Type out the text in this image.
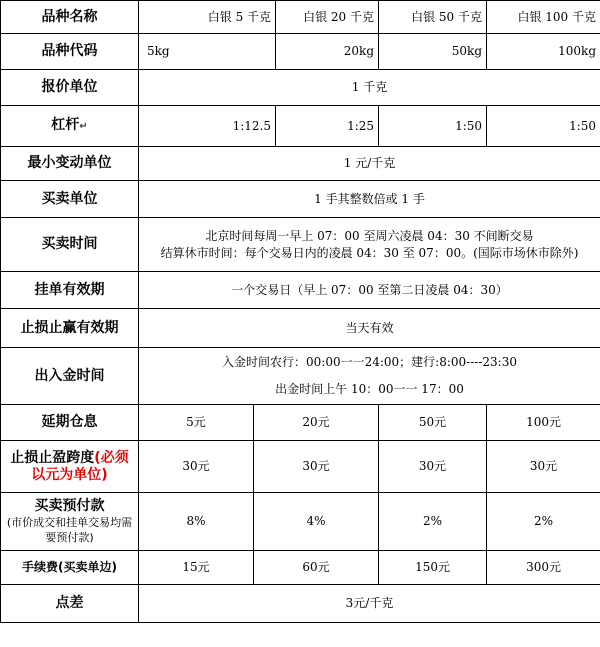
品种名称	白银 5 千克		白银 20 千克	白银 50 千克	白银 100 千克
品种代码	5kg		20kg	50kg	100kg
报价单位	1 千克				
杠杆↵	1:12.5		1:25	1:50	1:50
最小变动单位	1 元/千克				
买卖单位	1 手其整数倍或 1 手				
买卖时间	北京时间每周一早上 07：00 至周六凌晨 04：30 不间断交易
结算休市时间：每个交易日内的凌晨 04：30 至 07：00。(国际市场休市除外)				

挂单有效期	一个交易日（早上 07：00 至第二日凌晨 04：30）				
止损止赢有效期	当天有效				
出入金时间	入金时间农行：00:00一一24:00；建行:8:00----23:30
出金时间上午 10：00一一 17：00				

延期仓息	5元	20元		50元	100元
止损止盈跨度(必须以元为单位)	30元	30元		30元	30元

买卖预付款
(市价成交和挂单交易均需要预付款)	8%	4%		2%	2%
手续费(买卖单边)	15元	60元		150元	300元
点差	3元/千克				
